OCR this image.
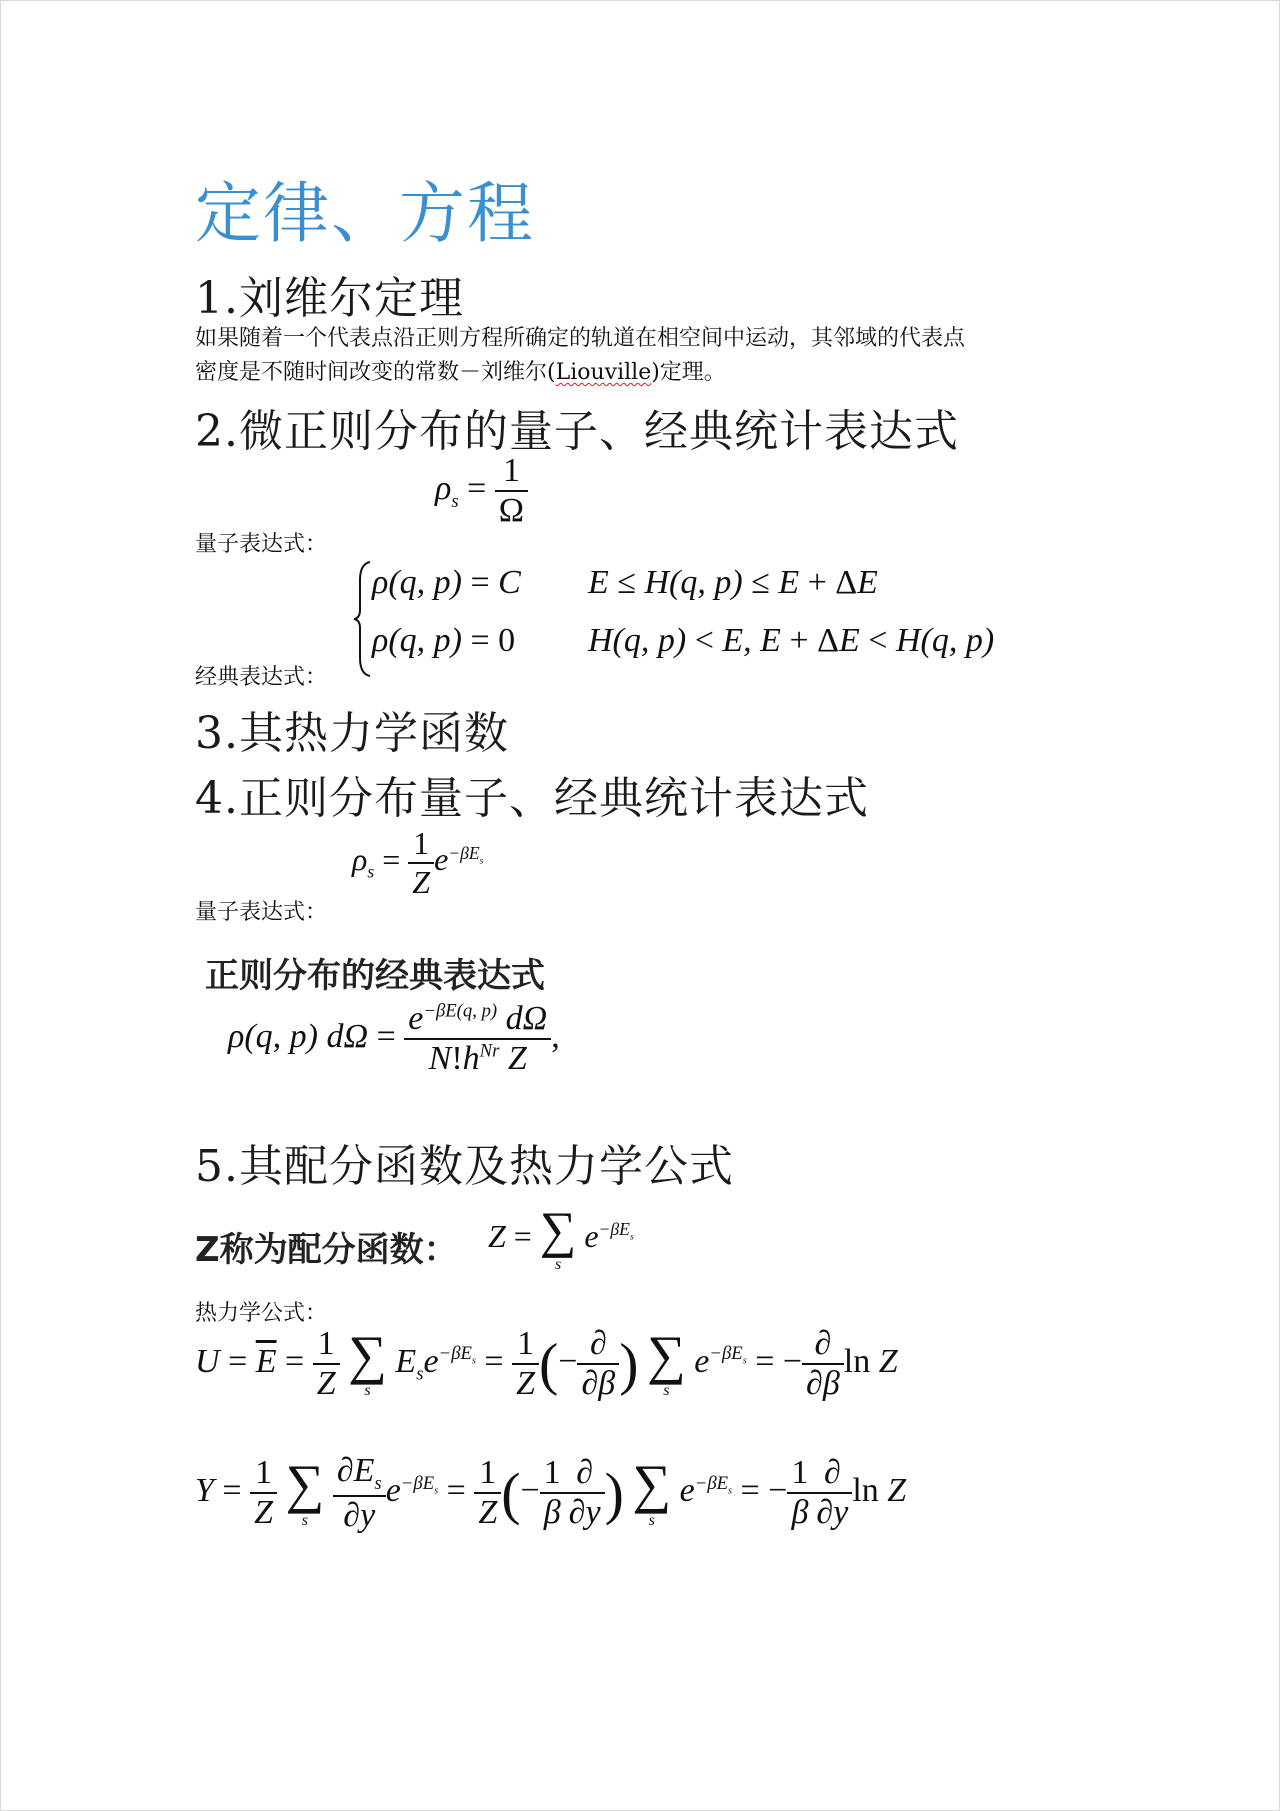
定律、方程
1.刘维尔定理
如果随着一个代表点沿正则方程所确定的轨道在相空间中运动，其邻域的代表点
密度是不随时间改变的常数－刘维尔(Liouville)定理。
2.微正则分布的量子、经典统计表达式
$\rho_s = \frac{1}{\Omega}$
量子表达式：
ρ(q, p) = C E ≤ H(q, p) ≤ E + ΔE
ρ(q, p) = 0 H(q, p) < E, E + ΔE < H(q, p)
经典表达式：
3.其热力学函数
4.正则分布量子、经典统计表达式
$\rho_s = \frac{1}{Z} e^{-\beta E_s}$
量子表达式：
正则分布的经典表达式
ρ(q, p) $d\Omega = \frac{e^{-\beta E(q, p)} d\Omega}{N!h^{Nr} Z}$ ,
5.其配分函数及热力学公式
Z称为配分函数： Z = ∑
s
$e^{-\beta E_s}$
热力学公式：
$U = \overline{E} = \frac{1}{Z}$
∑
s
$E_se^{-\beta E_s} = \frac{1}{Z}$ (− $\frac{\partial}{\partial\beta}$ ) ∑
s
$e^{-\beta E_s}$ = − $\frac{\partial}{\partial\beta}$ ln Z
$Y = \frac{1}{Z}$
∑
s
$\frac{\partial E_s}{\partial y} e^{-\beta E_s} = \frac{1}{Z}$ (− $\frac{1}{\beta} \frac{\partial}{\partial y}$ ) ∑
s
$e^{-\beta E_s}$ = − $\frac{1}{\beta} \frac{\partial}{\partial y}$ ln Z
